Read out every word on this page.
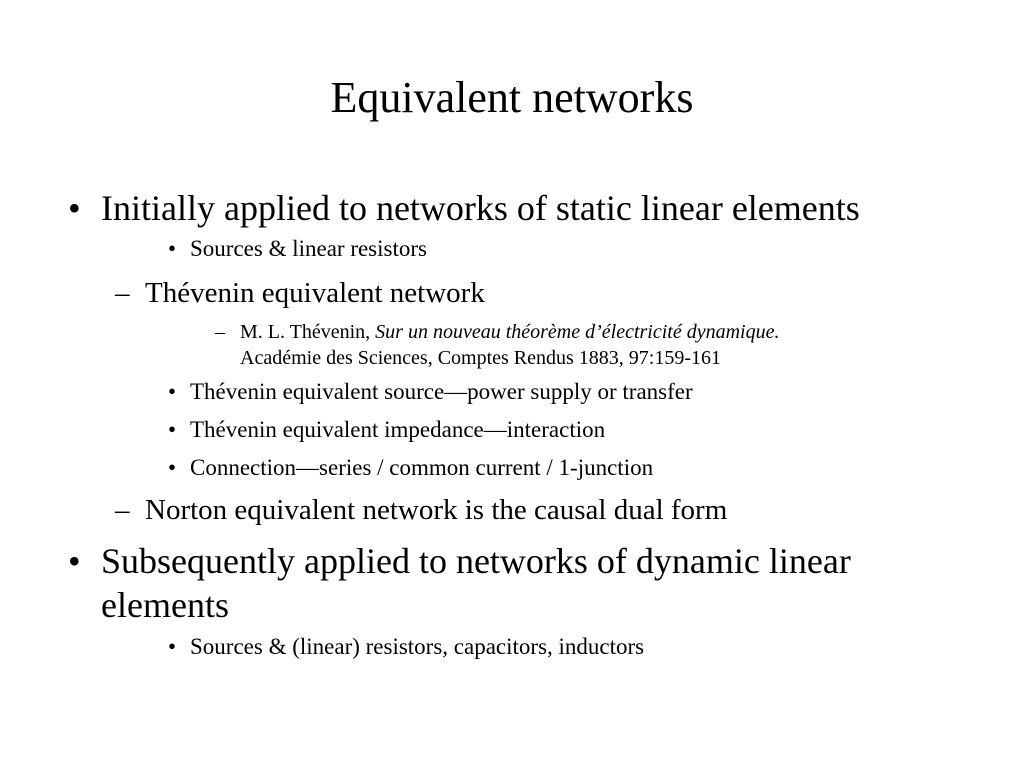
Equivalent networks
• Initially applied to networks of static linear elements
• Sources & linear resistors
– Thévenin equivalent network
– M. L. Thévenin, Sur un nouveau théorème d’électricité dynamique.
Académie des Sciences, Comptes Rendus 1883, 97:159-161
• Thévenin equivalent source—power supply or transfer
• Thévenin equivalent impedance—interaction
• Connection—series / common current / 1-junction
– Norton equivalent network is the causal dual form
• Subsequently applied to networks of dynamic linear
elements
• Sources & (linear) resistors, capacitors, inductors
